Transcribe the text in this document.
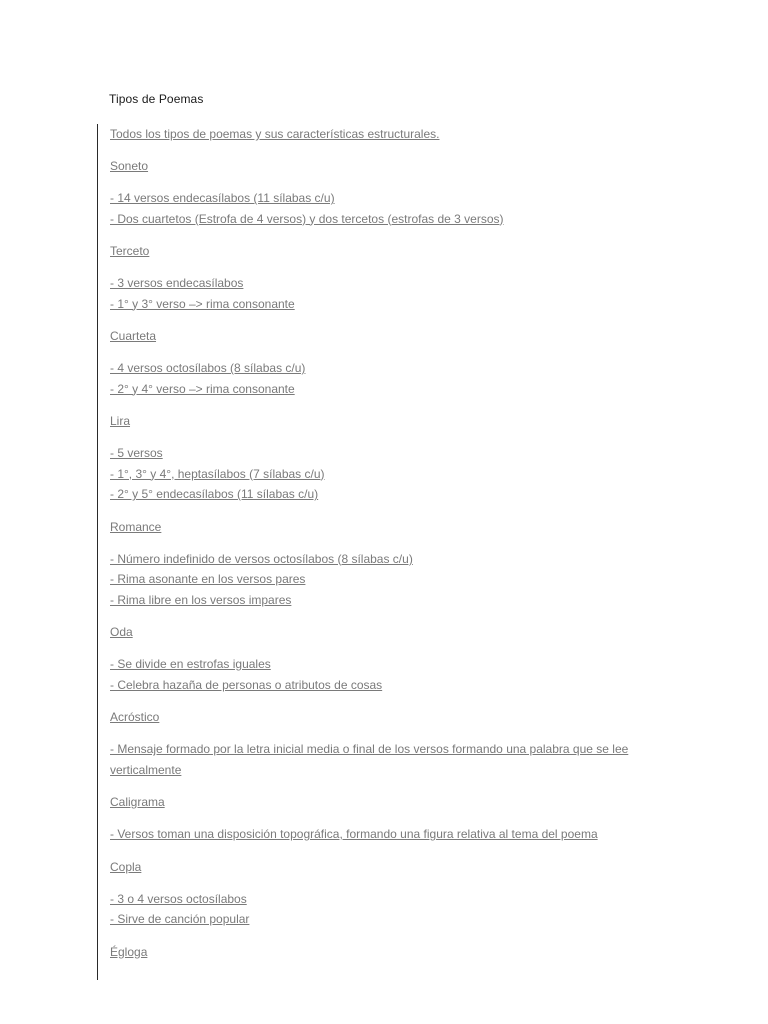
Tipos de Poemas
Todos los tipos de poemas y sus características estructurales.
Soneto
- 14 versos endecasílabos (11 sílabas c/u)
- Dos cuartetos (Estrofa de 4 versos) y dos tercetos (estrofas de 3 versos)
Terceto
- 3 versos endecasílabos
- 1° y 3° verso –> rima consonante
Cuarteta
- 4 versos octosílabos (8 sílabas c/u)
- 2° y 4° verso –> rima consonante
Lira
- 5 versos
- 1°, 3° y 4°, heptasílabos (7 sílabas c/u)
- 2° y 5° endecasílabos (11 sílabas c/u)
Romance
- Número indefinido de versos octosílabos (8 sílabas c/u)
- Rima asonante en los versos pares
- Rima libre en los versos impares
Oda
- Se divide en estrofas iguales
- Celebra hazaña de personas o atributos de cosas
Acróstico
- Mensaje formado por la letra inicial media o final de los versos formando una palabra que se lee verticalmente
Caligrama
- Versos toman una disposición topográfica, formando una figura relativa al tema del poema
Copla
- 3 o 4 versos octosílabos
- Sirve de canción popular
Égloga
